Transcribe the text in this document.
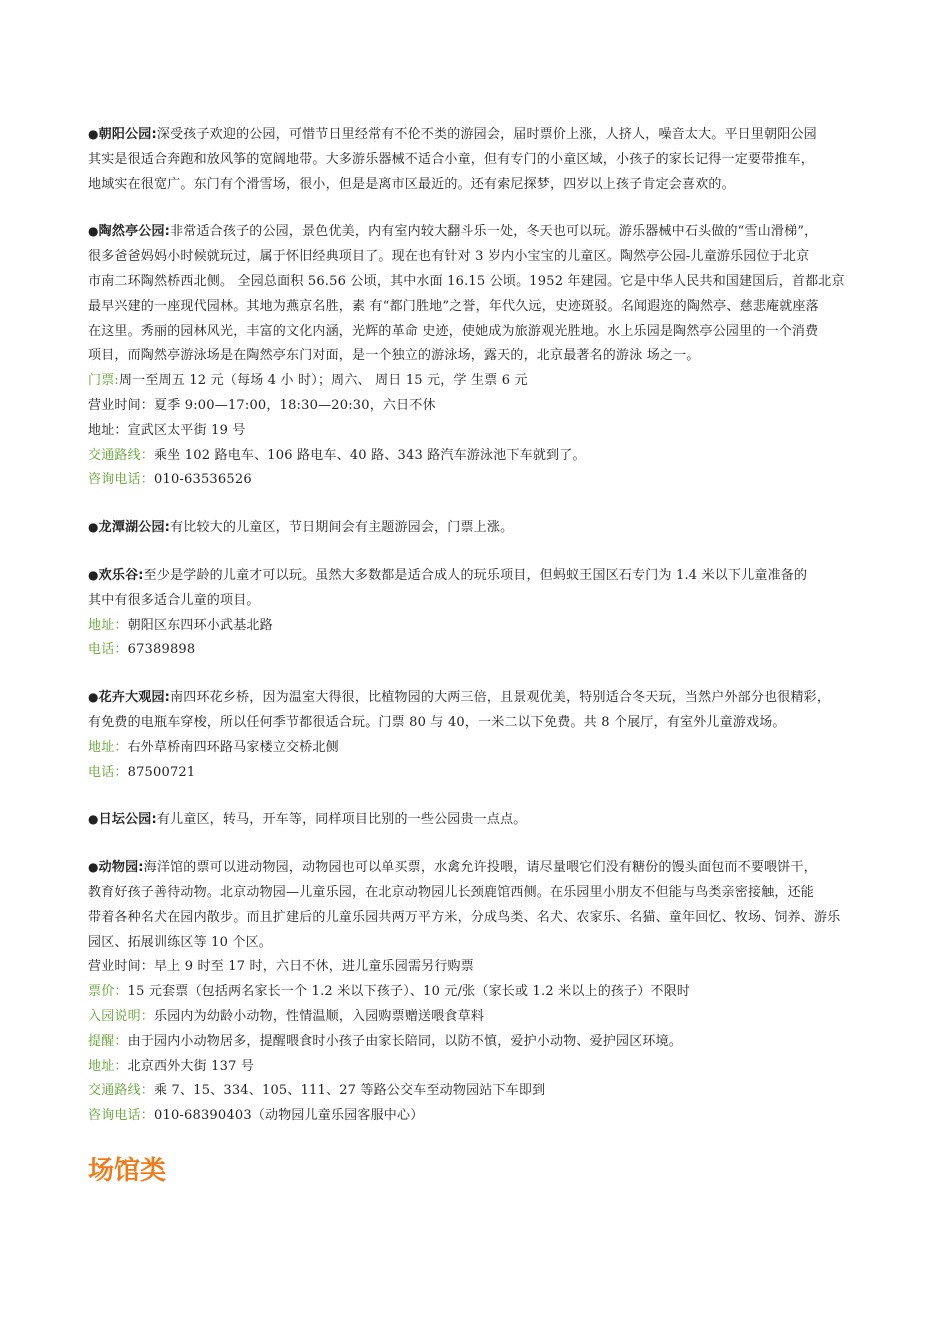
●朝阳公园:深受孩子欢迎的公园，可惜节日里经常有不伦不类的游园会，届时票价上涨，人挤人，噪音太大。平日里朝阳公园
其实是很适合奔跑和放风筝的宽阔地带。大多游乐器械不适合小童，但有专门的小童区域，小孩子的家长记得一定要带推车，
地域实在很宽广。东门有个滑雪场，很小，但是是离市区最近的。还有索尼探梦，四岁以上孩子肯定会喜欢的。
●陶然亭公园:非常适合孩子的公园，景色优美，内有室内较大翻斗乐一处，冬天也可以玩。游乐器械中石头做的“雪山滑梯”，
很多爸爸妈妈小时候就玩过，属于怀旧经典项目了。现在也有针对 3 岁内小宝宝的儿童区。陶然亭公园-儿童游乐园位于北京
市南二环陶然桥西北侧。 全园总面积 56.56 公顷，其中水面 16.15 公顷。1952 年建园。它是中华人民共和国建国后，首都北京
最早兴建的一座现代园林。其地为燕京名胜，素 有“都门胜地”之誉，年代久远，史迹斑驳。名闻遐迩的陶然亭、慈悲庵就座落
在这里。秀丽的园林风光，丰富的文化内涵，光辉的革命 史迹，使她成为旅游观光胜地。水上乐园是陶然亭公园里的一个消费
项目，而陶然亭游泳场是在陶然亭东门对面，是一个独立的游泳场，露天的，北京最著名的游泳 场之一。
门票:周一至周五 12 元（每场 4 小 时）；周六、 周日 15 元，学 生票 6 元
营业时间：夏季 9:00—17:00，18:30—20:30，六日不休
地址：宣武区太平街 19 号
交通路线：乘坐 102 路电车、106 路电车、40 路、343 路汽车游泳池下车就到了。
咨询电话：010-63536526
●龙潭湖公园:有比较大的儿童区，节日期间会有主题游园会，门票上涨。
●欢乐谷:至少是学龄的儿童才可以玩。虽然大多数都是适合成人的玩乐项目，但蚂蚁王国区石专门为 1.4 米以下儿童准备的
其中有很多适合儿童的项目。
地址：朝阳区东四环小武基北路
电话：67389898
●花卉大观园:南四环花乡桥，因为温室大得很，比植物园的大两三倍，且景观优美，特别适合冬天玩，当然户外部分也很精彩，
有免费的电瓶车穿梭，所以任何季节都很适合玩。门票 80 与 40，一米二以下免费。共 8 个展厅，有室外儿童游戏场。
地址：右外草桥南四环路马家楼立交桥北侧
电话：87500721
●日坛公园:有儿童区，转马，开车等，同样项目比别的一些公园贵一点点。
●动物园:海洋馆的票可以进动物园，动物园也可以单买票，水禽允许投喂，请尽量喂它们没有糖份的馒头面包而不要喂饼干，
教育好孩子善待动物。北京动物园—儿童乐园，在北京动物园儿长颈鹿馆西侧。在乐园里小朋友不但能与鸟类亲密接触，还能
带着各种名犬在园内散步。而且扩建后的儿童乐园共两万平方米，分成鸟类、名犬、农家乐、名猫、童年回忆、牧场、饲养、游乐
园区、拓展训练区等 10 个区。
营业时间：早上 9 时至 17 时，六日不休，进儿童乐园需另行购票
票价：15 元套票（包括两名家长一个 1.2 米以下孩子）、10 元/张（家长或 1.2 米以上的孩子）不限时
入园说明：乐园内为幼龄小动物，性情温顺，入园购票赠送喂食草料
提醒：由于园内小动物居多，提醒喂食时小孩子由家长陪同，以防不慎，爱护小动物、爱护园区环境。
地址：北京西外大街 137 号
交通路线：乘 7、15、334、105、111、27 等路公交车至动物园站下车即到
咨询电话：010-68390403（动物园儿童乐园客服中心）
场馆类
